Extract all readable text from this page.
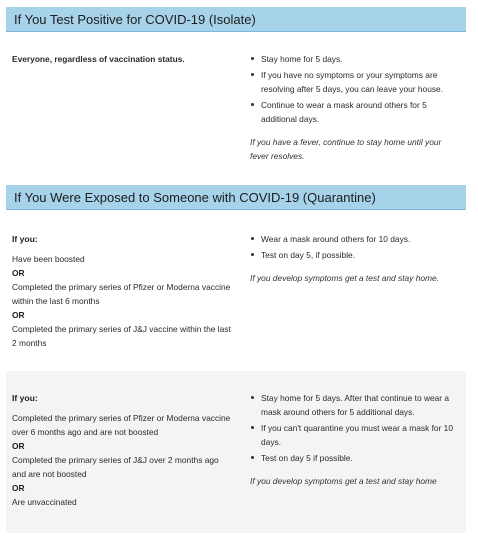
If You Test Positive for COVID-19 (Isolate)
Everyone, regardless of vaccination status.	Stay home for 5 days.
If you have no symptoms or your symptoms are resolving after 5 days, you can leave your house.
Continue to wear a mask around others for 5 additional days.
If you have a fever, continue to stay home until your fever resolves.
If You Were Exposed to Someone with COVID-19 (Quarantine)
If you:
Have been boosted
OR
Completed the primary series of Pfizer or Moderna vaccine within the last 6 months
OR
Completed the primary series of J&J vaccine within the last 2 months
Wear a mask around others for 10 days.
Test on day 5, if possible.
If you develop symptoms get a test and stay home.
If you:
Completed the primary series of Pfizer or Moderna vaccine over 6 months ago and are not boosted
OR
Completed the primary series of J&J over 2 months ago and are not boosted
OR
Are unvaccinated
Stay home for 5 days. After that continue to wear a mask around others for 5 additional days.
If you can't quarantine you must wear a mask for 10 days.
Test on day 5 if possible.
If you develop symptoms get a test and stay home
